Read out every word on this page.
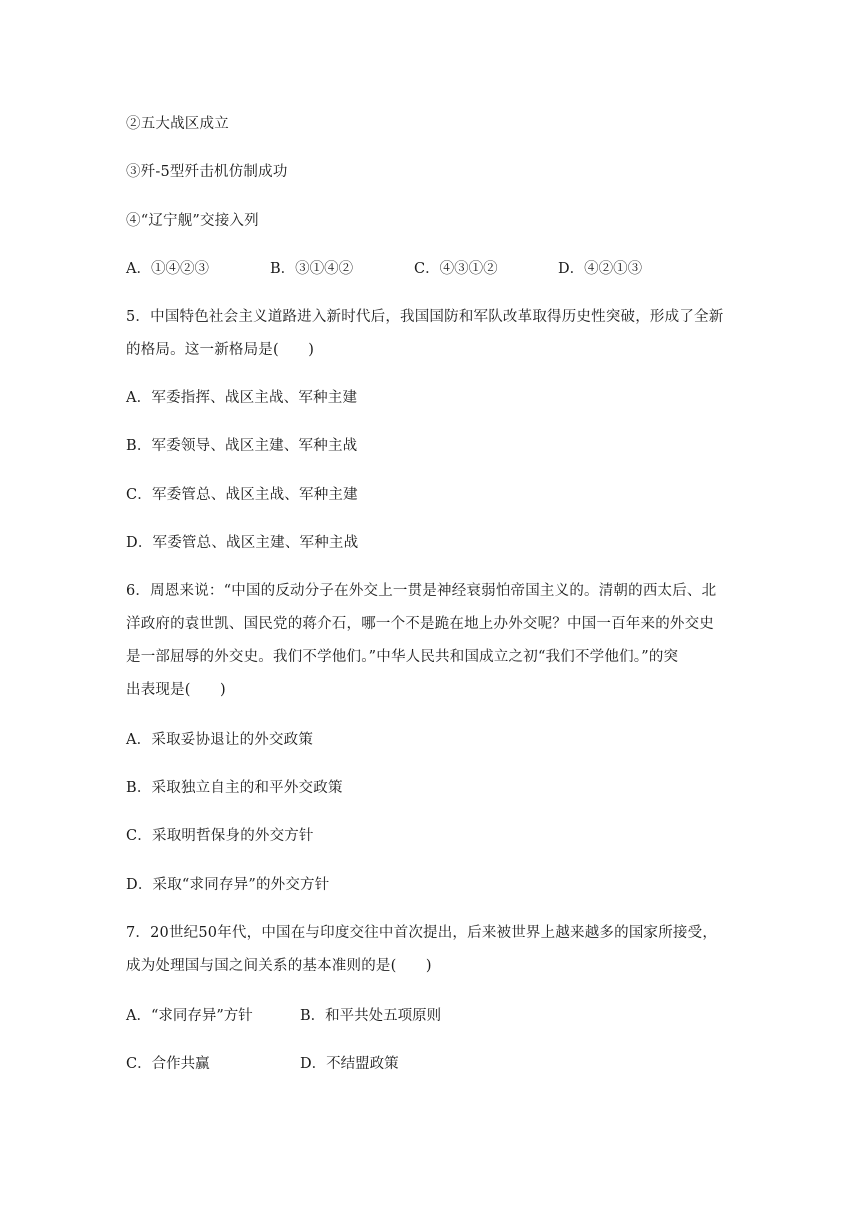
②五大战区成立
③歼-5型歼击机仿制成功
④“辽宁舰”交接入列
A．①④②③	B．③①④②	C．④③①②	D．④②①③
5．中国特色社会主义道路进入新时代后，我国国防和军队改革取得历史性突破，形成了全新
的格局。这一新格局是(　　)
A．军委指挥、战区主战、军种主建
B．军委领导、战区主建、军种主战
C．军委管总、战区主战、军种主建
D．军委管总、战区主建、军种主战
6．周恩来说：“中国的反动分子在外交上一贯是神经衰弱怕帝国主义的。清朝的西太后、北
洋政府的袁世凯、国民党的蒋介石，哪一个不是跪在地上办外交呢？中国一百年来的外交史
是一部屈辱的外交史。我们不学他们。”中华人民共和国成立之初“我们不学他们。”的突
出表现是(　　)
A．采取妥协退让的外交政策
B．采取独立自主的和平外交政策
C．采取明哲保身的外交方针
D．采取“求同存异”的外交方针
7．20世纪50年代，中国在与印度交往中首次提出，后来被世界上越来越多的国家所接受，
成为处理国与国之间关系的基本准则的是(　　)
A．“求同存异”方针	B．和平共处五项原则
C．合作共赢	D．不结盟政策
